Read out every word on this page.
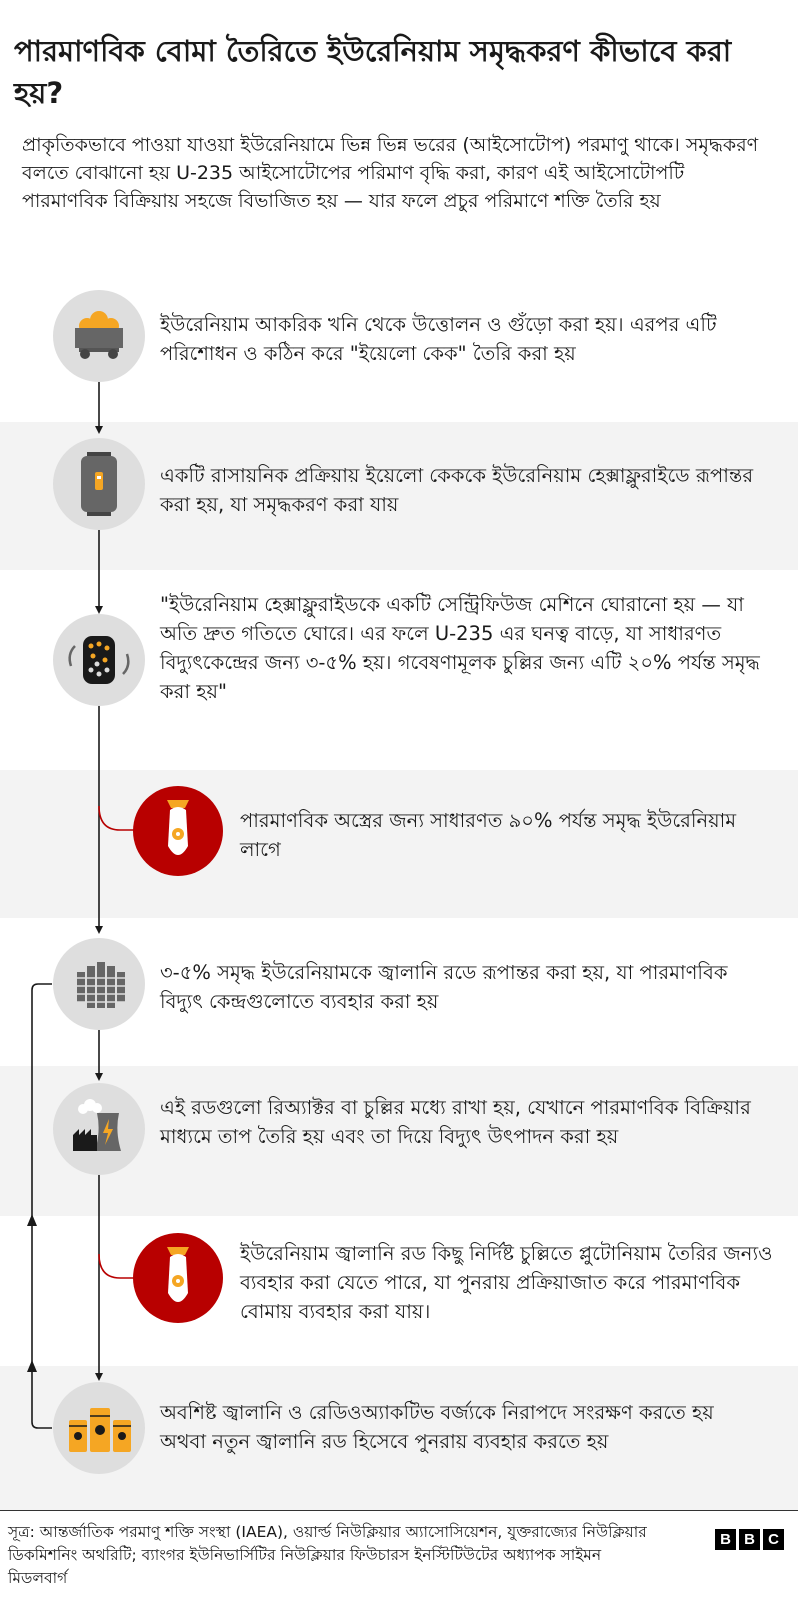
পারমাণবিক বোমা তৈরিতে ইউরেনিয়াম সমৃদ্ধকরণ কীভাবে করা হয়?

প্রাকৃতিকভাবে পাওয়া যাওয়া ইউরেনিয়ামে ভিন্ন ভিন্ন ভরের (আইসোটোপ) পরমাণু থাকে। সমৃদ্ধকরণ বলতে বোঝানো হয় U-235 আইসোটোপের পরিমাণ বৃদ্ধি করা, কারণ এই আইসোটোপটি পারমাণবিক বিক্রিয়ায় সহজে বিভাজিত হয় — যার ফলে প্রচুর পরিমাণে শক্তি তৈরি হয়

ইউরেনিয়াম আকরিক খনি থেকে উত্তোলন ও গুঁড়ো করা হয়। এরপর এটি পরিশোধন ও কঠিন করে "ইয়েলো কেক" তৈরি করা হয়

একটি রাসায়নিক প্রক্রিয়ায় ইয়েলো কেককে ইউরেনিয়াম হেক্সাফ্লুরাইডে রূপান্তর করা হয়, যা সমৃদ্ধকরণ করা যায়

"ইউরেনিয়াম হেক্সাফ্লুরাইডকে একটি সেন্ট্রিফিউজ মেশিনে ঘোরানো হয় — যা অতি দ্রুত গতিতে ঘোরে। এর ফলে U-235 এর ঘনত্ব বাড়ে, যা সাধারণত বিদ্যুৎকেন্দ্রের জন্য ৩-৫% হয়। গবেষণামূলক চুল্লির জন্য এটি ২০% পর্যন্ত সমৃদ্ধ করা হয়"

পারমাণবিক অস্ত্রের জন্য সাধারণত ৯০% পর্যন্ত সমৃদ্ধ ইউরেনিয়াম লাগে

৩-৫% সমৃদ্ধ ইউরেনিয়ামকে জ্বালানি রডে রূপান্তর করা হয়, যা পারমাণবিক বিদ্যুৎ কেন্দ্রগুলোতে ব্যবহার করা হয়

এই রডগুলো রিঅ্যাক্টর বা চুল্লির মধ্যে রাখা হয়, যেখানে পারমাণবিক বিক্রিয়ার মাধ্যমে তাপ তৈরি হয় এবং তা দিয়ে বিদ্যুৎ উৎপাদন করা হয়

ইউরেনিয়াম জ্বালানি রড কিছু নির্দিষ্ট চুল্লিতে প্লুটোনিয়াম তৈরির জন্যও ব্যবহার করা যেতে পারে, যা পুনরায় প্রক্রিয়াজাত করে পারমাণবিক বোমায় ব্যবহার করা যায়।

অবশিষ্ট জ্বালানি ও রেডিওঅ্যাকটিভ বর্জ্যকে নিরাপদে সংরক্ষণ করতে হয় অথবা নতুন জ্বালানি রড হিসেবে পুনরায় ব্যবহার করতে হয়

সূত্র: আন্তর্জাতিক পরমাণু শক্তি সংস্থা (IAEA), ওয়ার্ল্ড নিউক্লিয়ার অ্যাসোসিয়েশন, যুক্তরাজ্যের নিউক্লিয়ার ডিকমিশনিং অথরিটি; ব্যাংগর ইউনিভার্সিটির নিউক্লিয়ার ফিউচারস ইনস্টিটিউটের অধ্যাপক সাইমন মিডলবার্গ

B B C
